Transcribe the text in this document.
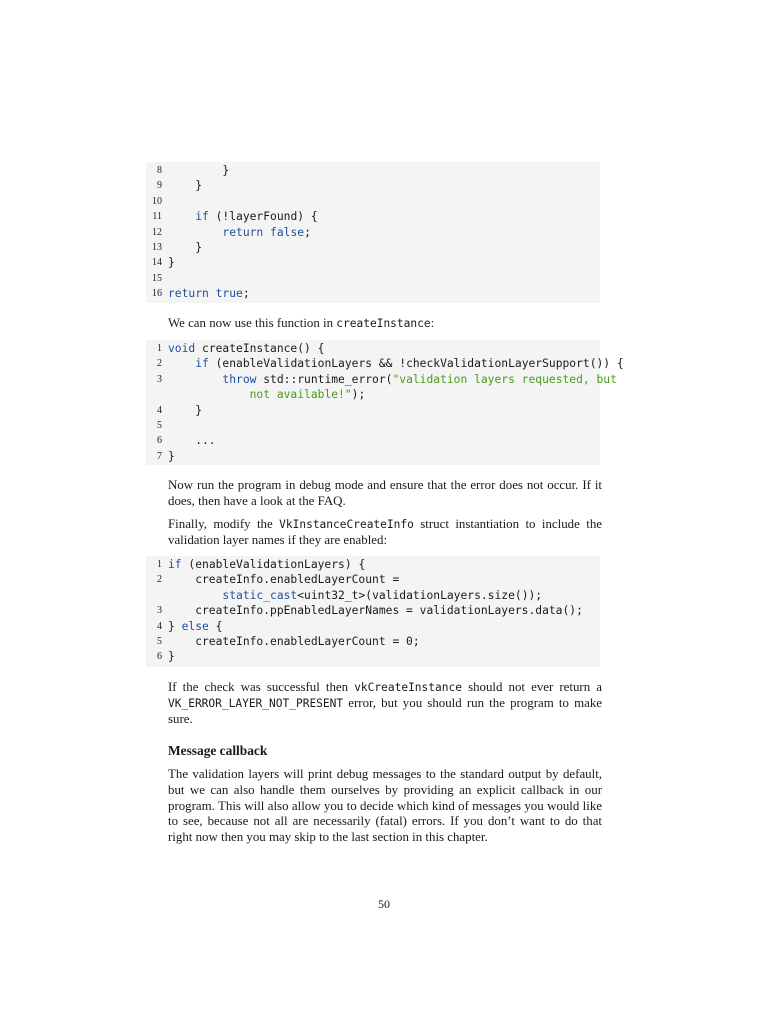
8 }
9 }
10
11	if (!layerFound) {
12	return false;
13 }
14 }
15
16 return true;

We can now use this function in createInstance:

1 void createInstance() {
2	if (enableValidationLayers && !checkValidationLayerSupport()) {
3	throw std::runtime_error("validation layers requested, but
not available!");
4 }
5
6 ...
7 }

Now run the program in debug mode and ensure that the error does not occur. If it does, then have a look at the FAQ.

Finally, modify the VkInstanceCreateInfo struct instantiation to include the validation layer names if they are enabled:

1 if (enableValidationLayers) {
2 createInfo.enabledLayerCount =
static_cast<uint32_t>(validationLayers.size());
3 createInfo.ppEnabledLayerNames = validationLayers.data();
4 } else {
5 createInfo.enabledLayerCount = 0;
6 }

If the check was successful then vkCreateInstance should not ever return a VK_ERROR_LAYER_NOT_PRESENT error, but you should run the program to make sure.

Message callback

The validation layers will print debug messages to the standard output by default, but we can also handle them ourselves by providing an explicit callback in our program. This will also allow you to decide which kind of messages you would like to see, because not all are necessarily (fatal) errors. If you don’t want to do that right now then you may skip to the last section in this chapter.

50
